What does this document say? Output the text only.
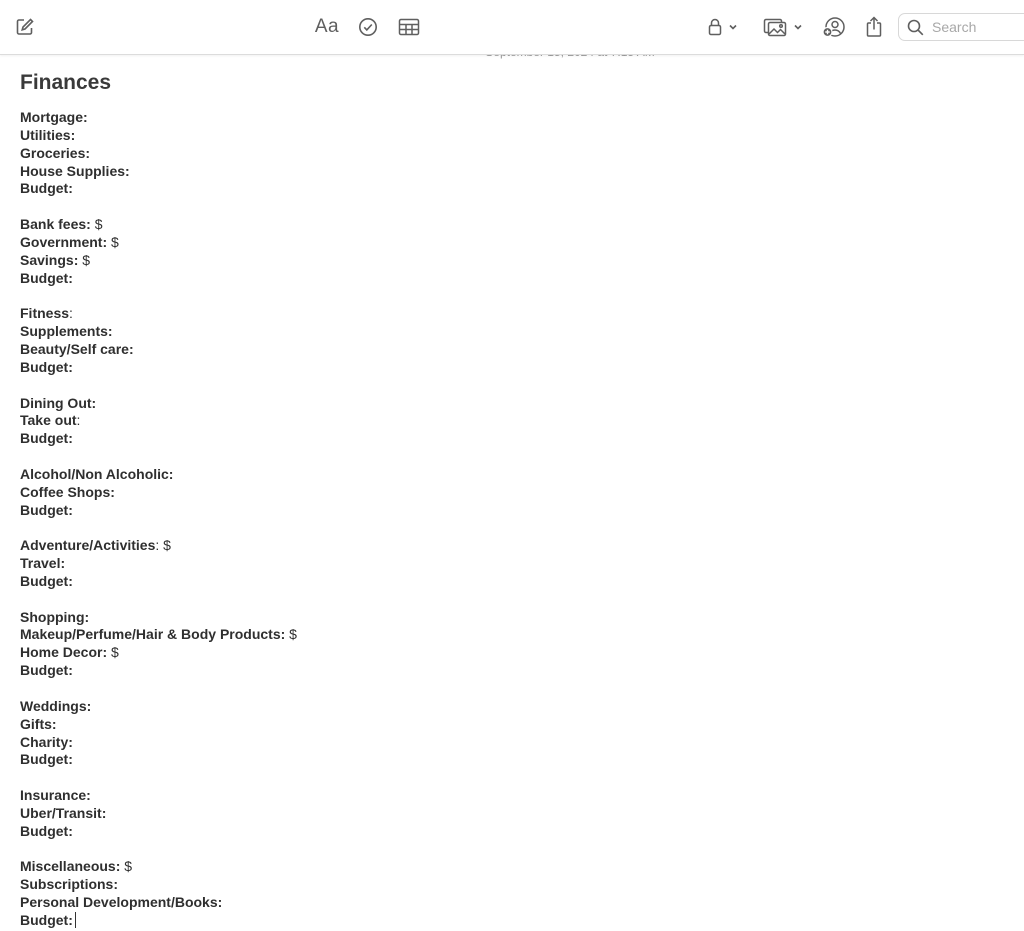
Aa
Search
Finances
Mortgage:
Utilities:
Groceries:
House Supplies:
Budget:
Bank fees: $
Government: $
Savings: $
Budget:
Fitness:
Supplements:
Beauty/Self care:
Budget:
Dining Out:
Take out:
Budget:
Alcohol/Non Alcoholic:
Coffee Shops:
Budget:
Adventure/Activities: $
Travel:
Budget:
Shopping:
Makeup/Perfume/Hair & Body Products: $
Home Decor: $
Budget:
Weddings:
Gifts:
Charity:
Budget:
Insurance:
Uber/Transit:
Budget:
Miscellaneous: $
Subscriptions:
Personal Development/Books:
Budget:
